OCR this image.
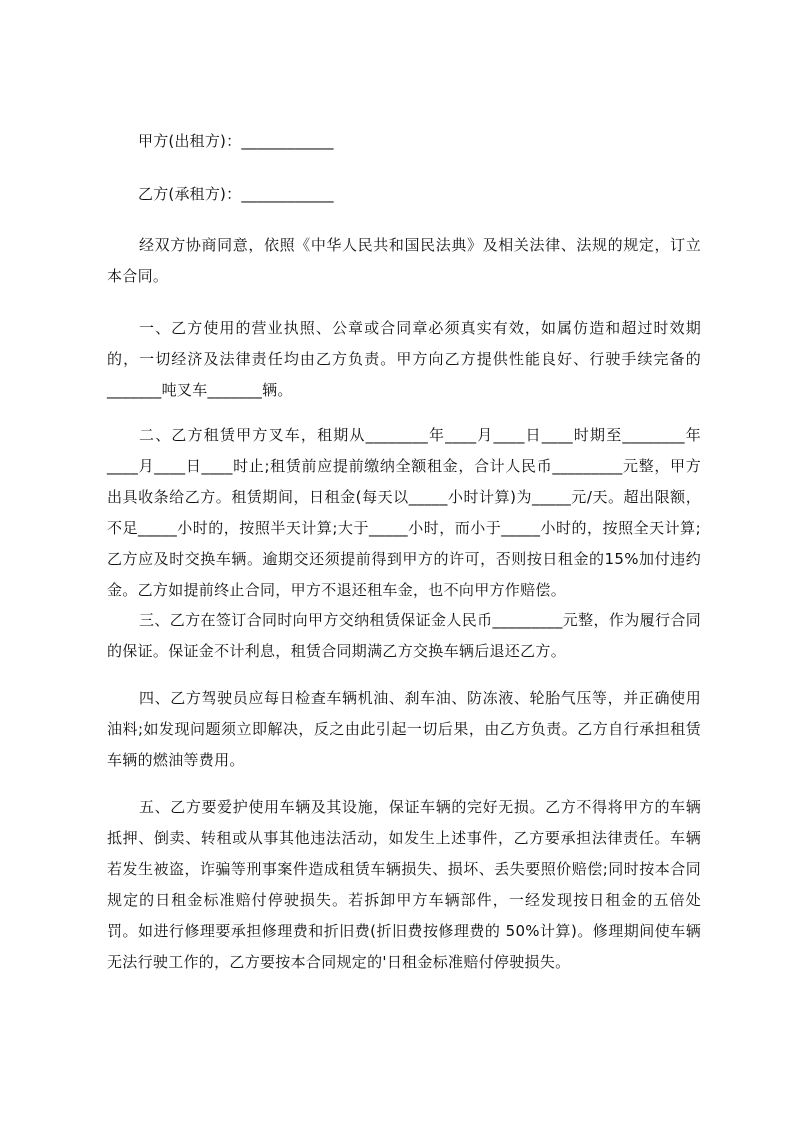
甲方(出租方)：____________
乙方(承租方)：____________

经双方协商同意，依照《中华人民共和国民法典》及相关法律、法规的规定，订立本合同。

一、乙方使用的营业执照、公章或合同章必须真实有效，如属仿造和超过时效期的，一切经济及法律责任均由乙方负责。甲方向乙方提供性能良好、行驶手续完备的_______吨叉车_______辆。

二、乙方租赁甲方叉车，租期从________年____月____日____时期至________年____月____日____时止;租赁前应提前缴纳全额租金，合计人民币_________元整，甲方出具收条给乙方。租赁期间，日租金(每天以_____小时计算)为_____元/天。超出限额，不足_____小时的，按照半天计算;大于_____小时，而小于_____小时的，按照全天计算;乙方应及时交换车辆。逾期交还须提前得到甲方的许可，否则按日租金的15%加付违约金。乙方如提前终止合同，甲方不退还租车金，也不向甲方作赔偿。

三、乙方在签订合同时向甲方交纳租赁保证金人民币_________元整，作为履行合同的保证。保证金不计利息，租赁合同期满乙方交换车辆后退还乙方。

四、乙方驾驶员应每日检查车辆机油、刹车油、防冻液、轮胎气压等，并正确使用油料;如发现问题须立即解决，反之由此引起一切后果，由乙方负责。乙方自行承担租赁车辆的燃油等费用。

五、乙方要爱护使用车辆及其设施，保证车辆的完好无损。乙方不得将甲方的车辆抵押、倒卖、转租或从事其他违法活动，如发生上述事件，乙方要承担法律责任。车辆若发生被盗，诈骗等刑事案件造成租赁车辆损失、损坏、丢失要照价赔偿;同时按本合同规定的日租金标准赔付停驶损失。若拆卸甲方车辆部件，一经发现按日租金的五倍处罚。如进行修理要承担修理费和折旧费(折旧费按修理费的 50%计算)。修理期间使车辆无法行驶工作的，乙方要按本合同规定的'日租金标准赔付停驶损失。
